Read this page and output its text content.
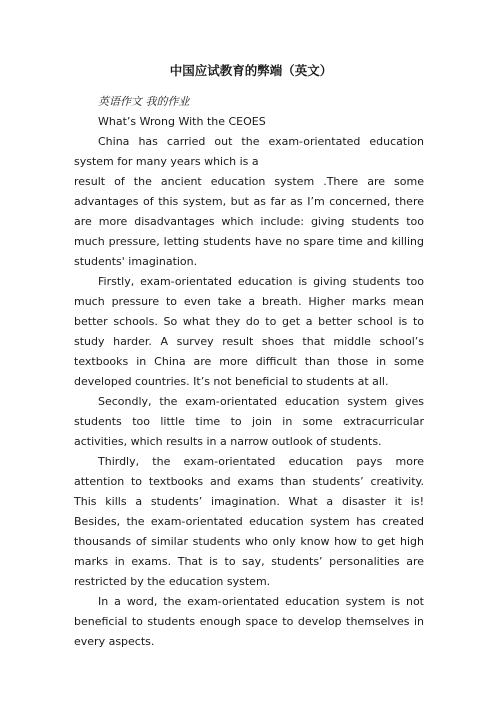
中国应试教育的弊端（英文）

英语作文 我的作业

What’s Wrong With the CEOES

China has carried out the exam-orientated education system for many years which is a

result of the ancient education system .There are some advantages of this system, but as far as I’m concerned, there are more disadvantages which include: giving students too much pressure, letting students have no spare time and killing students' imagination.

Firstly, exam-orientated education is giving students too much pressure to even take a breath. Higher marks mean better schools. So what they do to get a better school is to study harder. A survey result shoes that middle school’s textbooks in China are more difficult than those in some developed countries. It’s not beneficial to students at all.

Secondly, the exam-orientated education system gives students too little time to join in some extracurricular activities, which results in a narrow outlook of students.

Thirdly, the exam-orientated education pays more attention to textbooks and exams than students’ creativity. This kills a students’ imagination. What a disaster it is! Besides, the exam-orientated education system has created thousands of similar students who only know how to get high marks in exams. That is to say, students’ personalities are restricted by the education system.

In a word, the exam-orientated education system is not beneficial to students enough space to develop themselves in every aspects.
